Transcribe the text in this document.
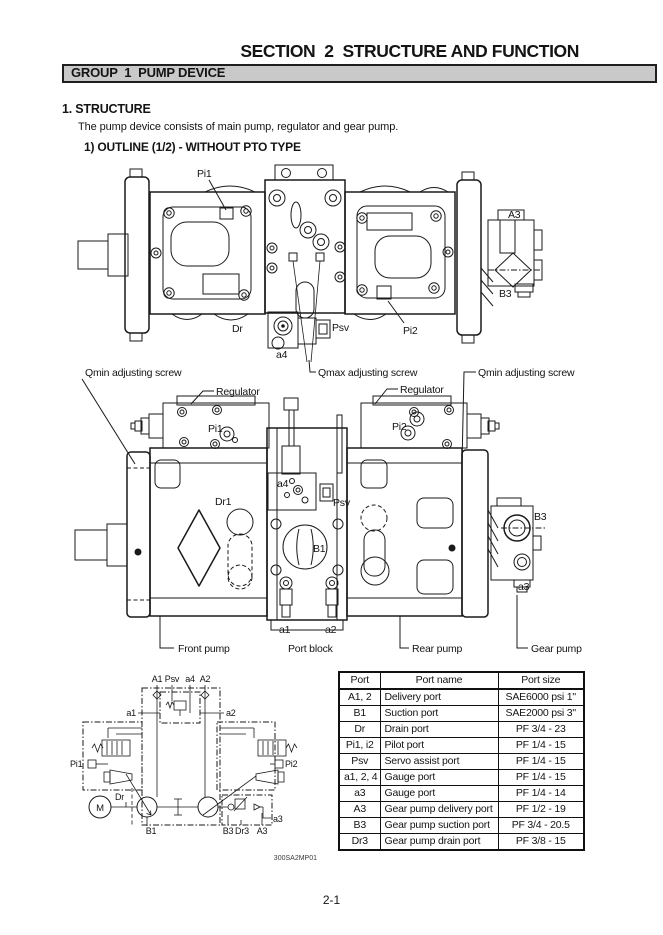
SECTION  2  STRUCTURE AND FUNCTION
GROUP  1  PUMP DEVICE
1. STRUCTURE
The pump device consists of main pump, regulator and gear pump.
1) OUTLINE (1/2) - WITHOUT PTO TYPE
Pi1
A3
B3
Dr
a4
Psv	Pi2
Qmin adjusting screw	Qmax adjusting screw	Qmin adjusting screw
Regulator	Regulator
Pi1	Pi2
Dr1
a4
Psv
B1
B3
a3
a1	a2
Front pump	Port block	Rear pump	Gear pump
A1 Psv a4 A2
a1	a2
Pi1	Pi2
Dr
a3
M
B1	B3 Dr3 A3
300SA2MP01
Port	Port name	Port size
A1, 2	Delivery port	SAE6000 psi 1"
B1	Suction port	SAE2000 psi 3"
Dr	Drain port	PF 3/4 - 23
Pi1, i2	Pilot port	PF 1/4 - 15
Psv	Servo assist port	PF 1/4 - 15
a1, 2, 4	Gauge port	PF 1/4 - 15
a3	Gauge port	PF 1/4 - 14
A3	Gear pump delivery port	PF 1/2 - 19
B3	Gear pump suction port	PF 3/4 - 20.5
Dr3	Gear pump drain port	PF 3/8 - 15
2-1
